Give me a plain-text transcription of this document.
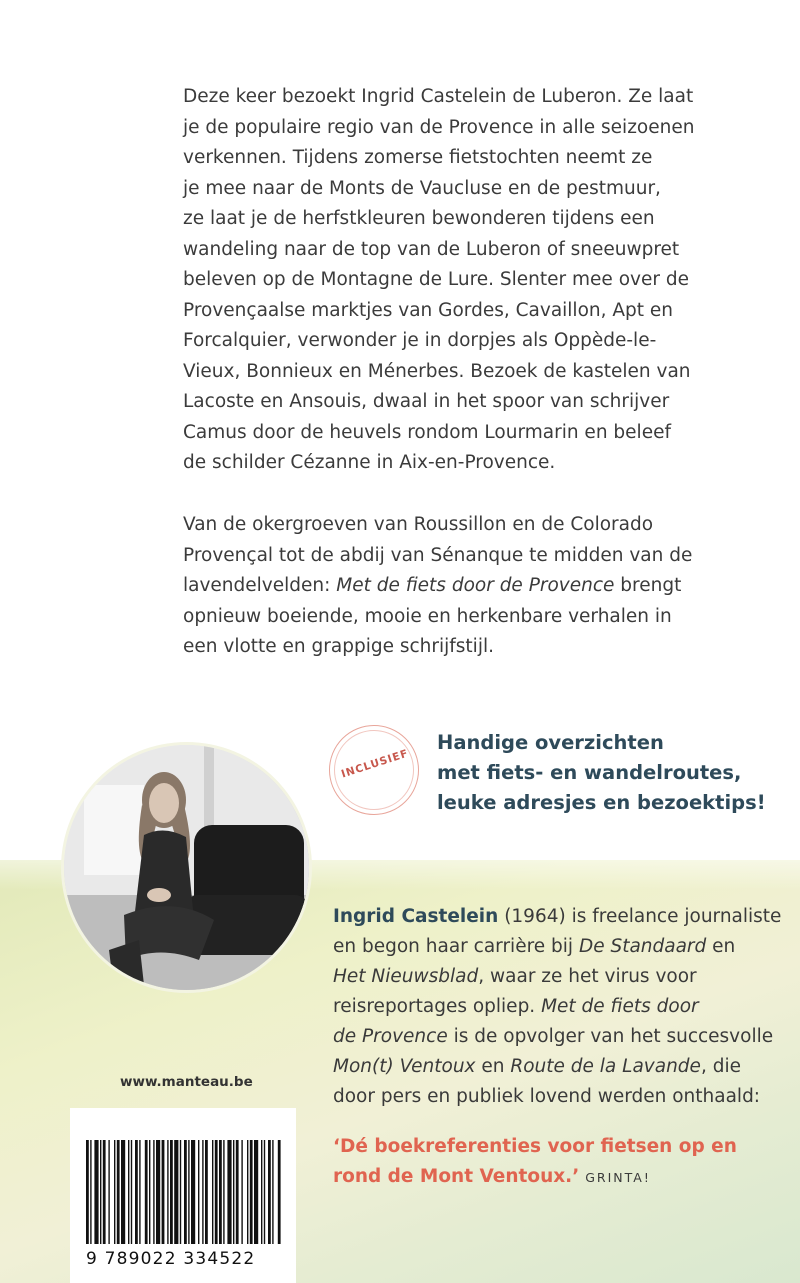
Deze keer bezoekt Ingrid Castelein de Luberon. Ze laat
je de populaire regio van de Provence in alle seizoenen
verkennen. Tijdens zomerse fietstochten neemt ze
je mee naar de Monts de Vaucluse en de pestmuur,
ze laat je de herfstkleuren bewonderen tijdens een
wandeling naar de top van de Luberon of sneeuwpret
beleven op de Montagne de Lure. Slenter mee over de
Provençaalse marktjes van Gordes, Cavaillon, Apt en
Forcalquier, verwonder je in dorpjes als Oppède-le-
Vieux, Bonnieux en Ménerbes. Bezoek de kastelen van
Lacoste en Ansouis, dwaal in het spoor van schrijver
Camus door de heuvels rondom Lourmarin en beleef
de schilder Cézanne in Aix-en-Provence.

Van de okergroeven van Roussillon en de Colorado
Provençal tot de abdij van Sénanque te midden van de
lavendelvelden: Met de fiets door de Provence brengt
opnieuw boeiende, mooie en herkenbare verhalen in
een vlotte en grappige schrijfstijl.

INCLUSIEF

Handige overzichten
met fiets- en wandelroutes,
leuke adresjes en bezoektips!

Ingrid Castelein (1964) is freelance journaliste
en begon haar carrière bij De Standaard en
Het Nieuwsblad, waar ze het virus voor
reisreportages opliep. Met de fiets door
de Provence is de opvolger van het succesvolle
Mon(t) Ventoux en Route de la Lavande, die
door pers en publiek lovend werden onthaald:

‘Dé boekreferenties voor fietsen op en
rond de Mont Ventoux.’ GRINTA!

www.manteau.be
9 789022 334522
